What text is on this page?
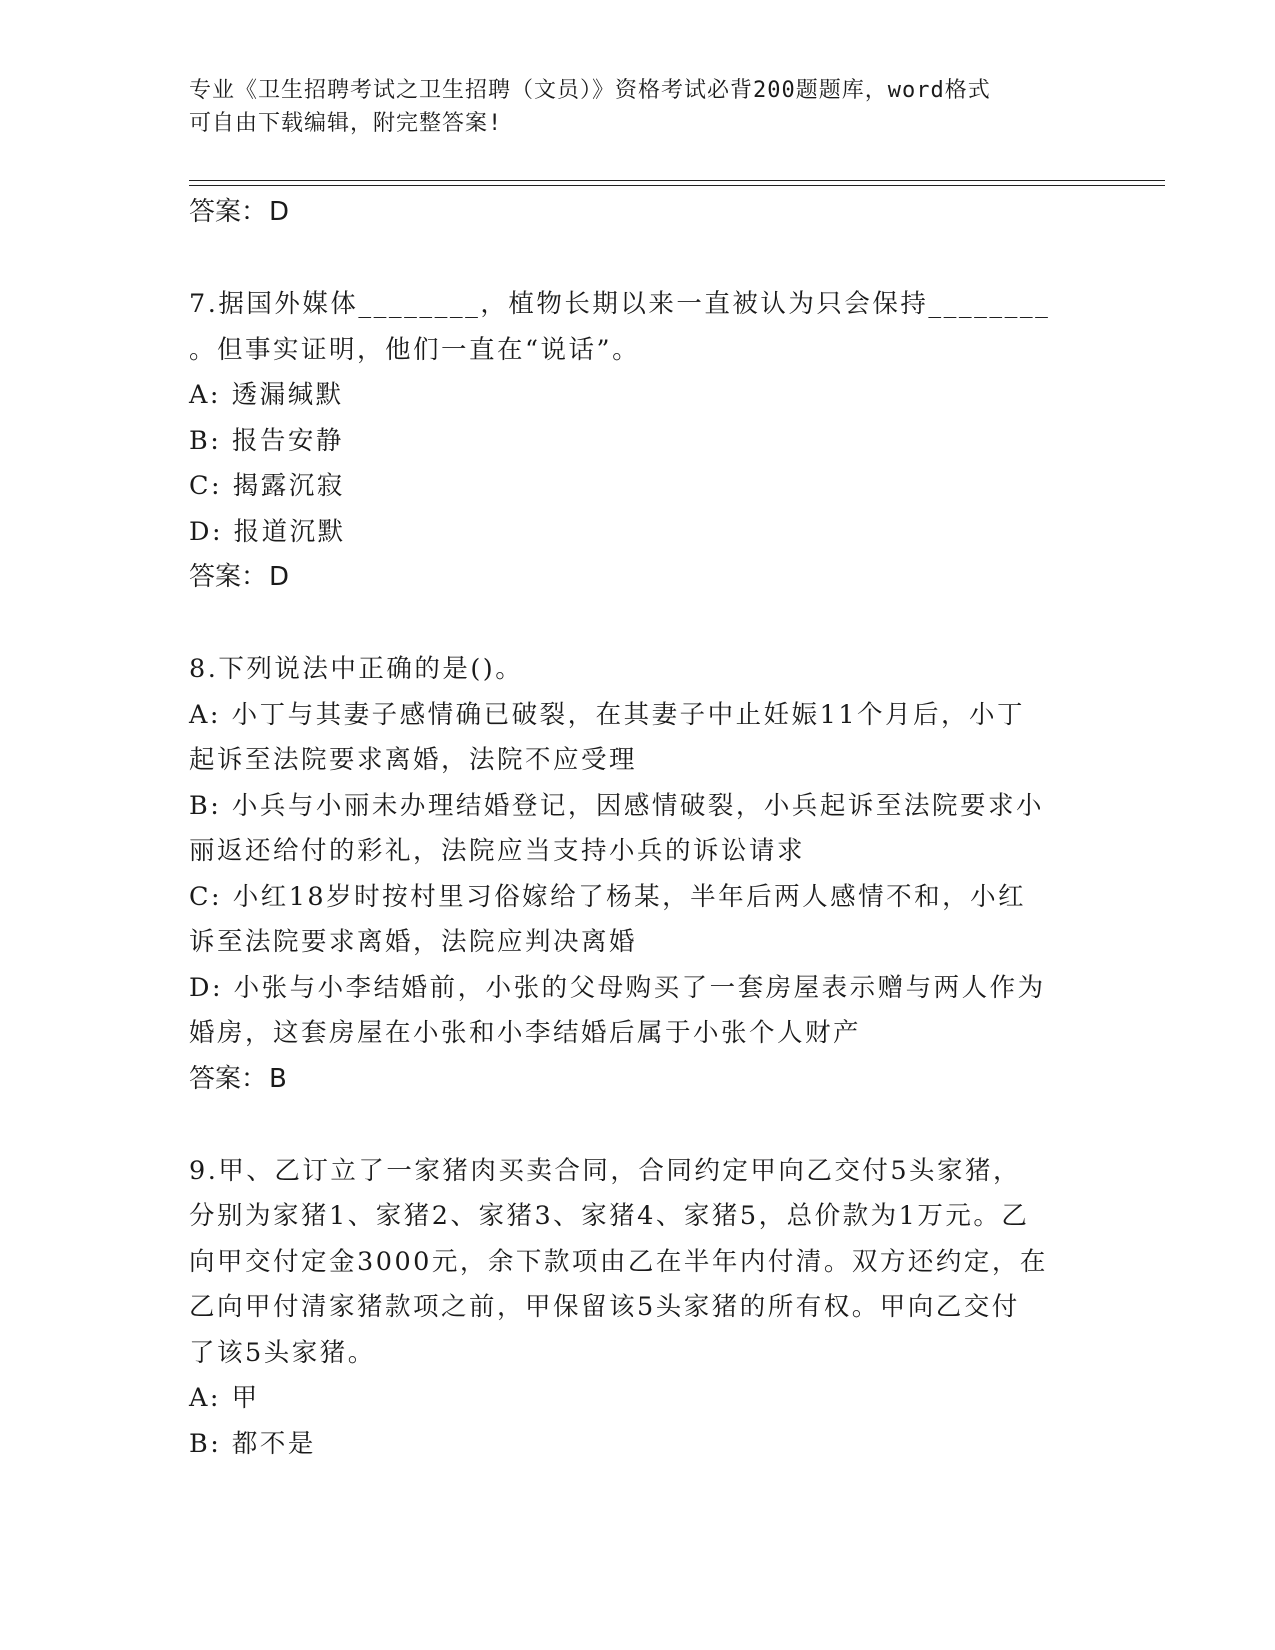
专业《卫生招聘考试之卫生招聘（文员）》资格考试必背200题题库，word格式
可自由下载编辑，附完整答案!

答案：D

7.据国外媒体________，植物长期以来一直被认为只会保持________

。但事实证明，他们一直在“说话”。

A: 透漏缄默

B: 报告安静

C: 揭露沉寂

D: 报道沉默

答案：D

8.下列说法中正确的是()。

A: 小丁与其妻子感情确已破裂，在其妻子中止妊娠11个月后，小丁

起诉至法院要求离婚，法院不应受理

B: 小兵与小丽未办理结婚登记，因感情破裂，小兵起诉至法院要求小

丽返还给付的彩礼，法院应当支持小兵的诉讼请求

C: 小红18岁时按村里习俗嫁给了杨某，半年后两人感情不和，小红

诉至法院要求离婚，法院应判决离婚

D: 小张与小李结婚前，小张的父母购买了一套房屋表示赠与两人作为

婚房，这套房屋在小张和小李结婚后属于小张个人财产

答案：B

9.甲、乙订立了一家猪肉买卖合同，合同约定甲向乙交付5头家猪，

分别为家猪1、家猪2、家猪3、家猪4、家猪5，总价款为1万元。乙

向甲交付定金3000元，余下款项由乙在半年内付清。双方还约定，在

乙向甲付清家猪款项之前，甲保留该5头家猪的所有权。甲向乙交付

了该5头家猪。

A: 甲

B: 都不是
